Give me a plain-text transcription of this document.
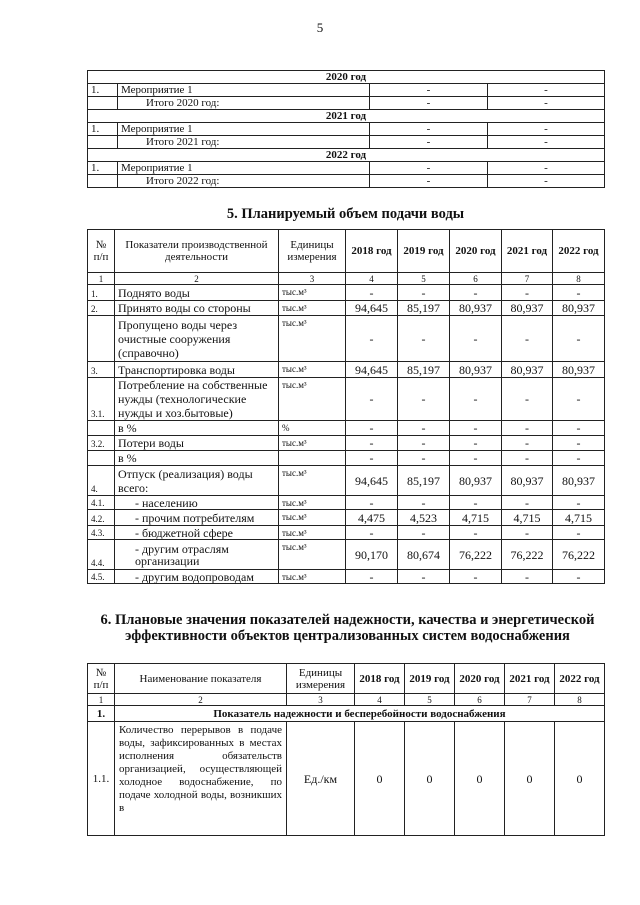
5
2020 год			
1.	Мероприятие 1	-	-
	Итого 2020 год:	-	-
2021 год			
1.	Мероприятие 1	-	-
	Итого 2021 год:	-	-
2022 год			
1.	Мероприятие 1	-	-
	Итого 2022 год:	-	-
5. Планируемый объем подачи воды
№ п/п	Показатели производственной деятельности	Единицы измерения	2018 год	2019 год	2020 год	2021 год	2022 год
1	2	3	4	5	6	7	8
1.	Поднято воды	тыс.м³	-	-	-	-	-
2.	Принято воды со стороны	тыс.м³	94,645	85,197	80,937	80,937	80,937
	Пропущено воды через очистные сооружения (справочно)	тыс.м³	-	-	-	-	-
3.	Транспортировка воды	тыс.м³	94,645	85,197	80,937	80,937	80,937
3.1.	Потребление на собственные нужды (технологические нужды и хоз.бытовые)	тыс.м³	-	-	-	-	-
	в %	%	-	-	-	-	-
3.2.	Потери воды	тыс.м³	-	-	-	-	-
	в %		-	-	-	-	-
4.	Отпуск (реализация) воды всего:	тыс.м³	94,645	85,197	80,937	80,937	80,937
4.1.	- населению	тыс.м³	-	-	-	-	-
4.2.	- прочим потребителям	тыс.м³	4,475	4,523	4,715	4,715	4,715
4.3.	- бюджетной сфере	тыс.м³	-	-	-	-	-
4.4.	- другим отраслям организации	тыс.м³	90,170	80,674	76,222	76,222	76,222
4.5.	- другим водопроводам	тыс.м³	-	-	-	-	-
6. Плановые значения показателей надежности, качества и энергетической эффективности объектов централизованных систем водоснабжения
№ п/п	Наименование показателя	Единицы измерения	2018 год	2019 год	2020 год	2021 год	2022 год
1	2	3	4	5	6	7	8
1.	Показатель надежности и бесперебойности водоснабжения						
1.1.	Количество перерывов в подаче воды, зафиксированных в местах исполнения обязательств организацией, осуществляющей холодное водоснабжение, по подаче холодной воды, возникших в	Ед./км	0	0	0	0	0
